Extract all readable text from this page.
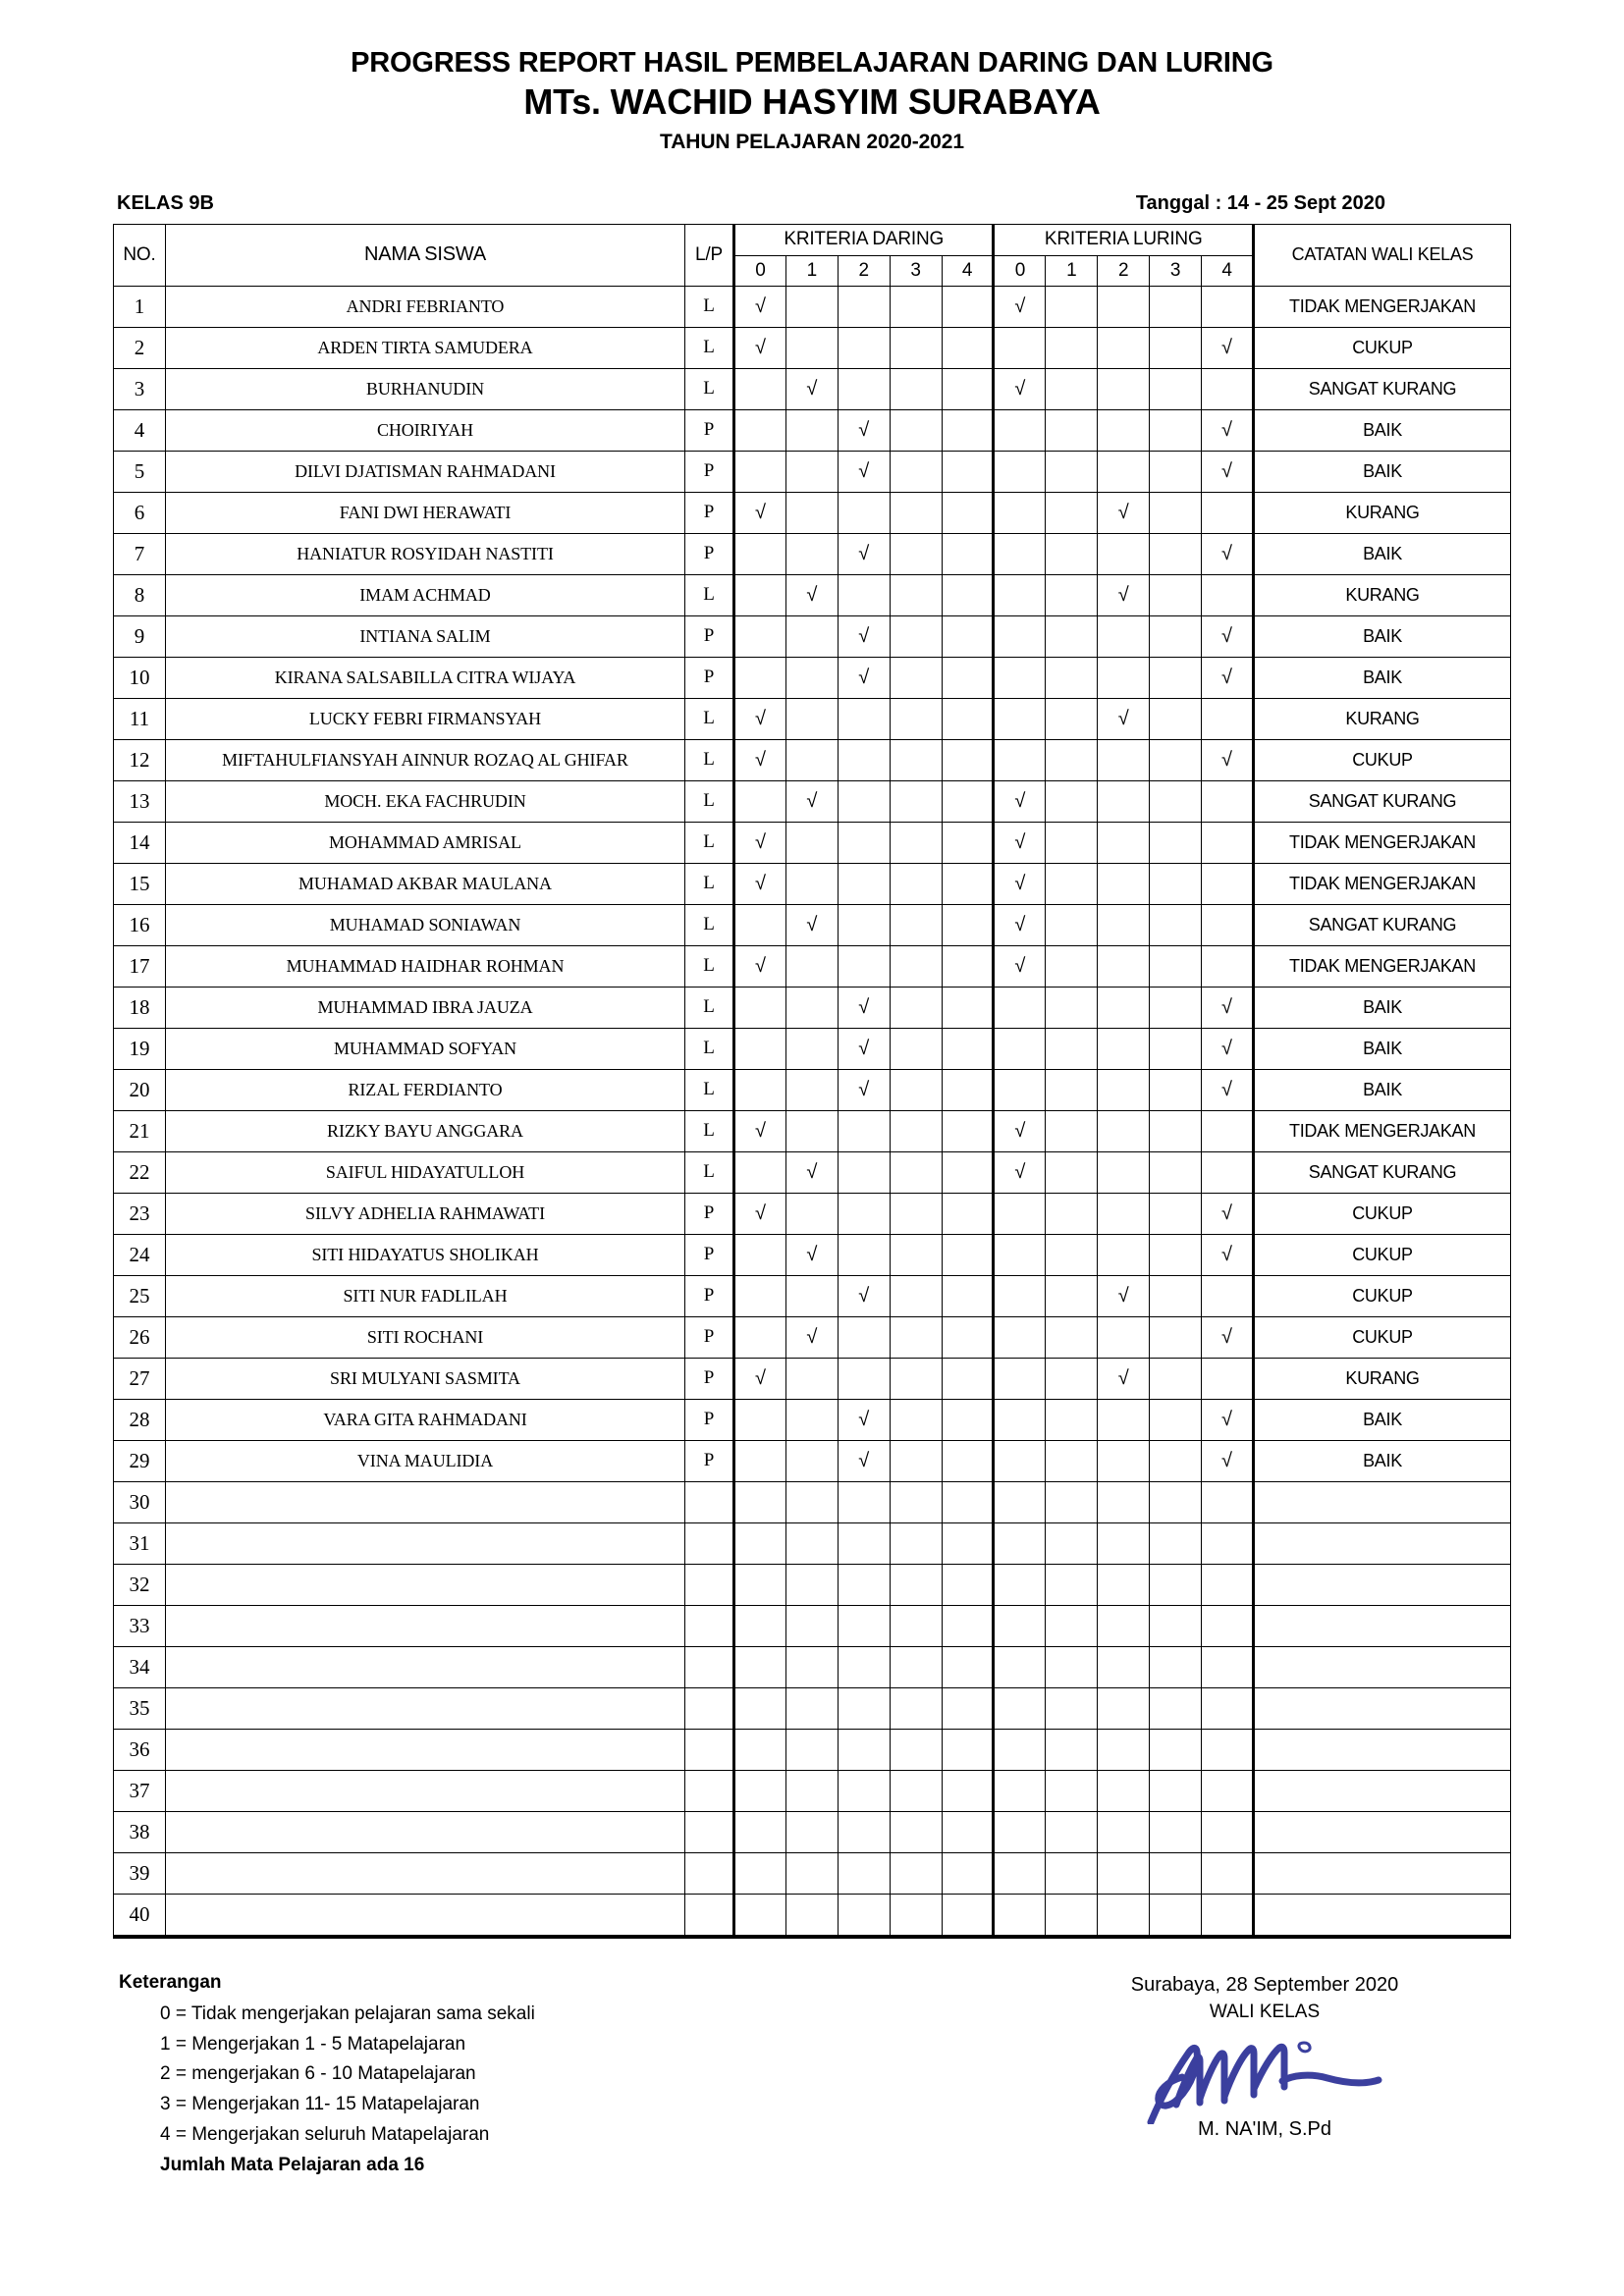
PROGRESS REPORT HASIL PEMBELAJARAN DARING DAN LURING
MTs. WACHID HASYIM SURABAYA
TAHUN PELAJARAN 2020-2021
KELAS 9B	Tanggal : 14 - 25 Sept 2020
NO.	NAMA SISWA	L/P	KRITERIA DARING					KRITERIA LURING					CATATAN WALI KELAS
			0	1	2	3	4	0	1	2	3	4	
1	ANDRI FEBRIANTO	L	√					√					TIDAK MENGERJAKAN
2	ARDEN TIRTA SAMUDERA	L	√									√	CUKUP
3	BURHANUDIN	L		√				√					SANGAT KURANG
4	CHOIRIYAH	P			√							√	BAIK
5	DILVI DJATISMAN RAHMADANI	P			√							√	BAIK
6	FANI DWI HERAWATI	P	√							√			KURANG
7	HANIATUR ROSYIDAH NASTITI	P			√							√	BAIK
8	IMAM ACHMAD	L		√						√			KURANG
9	INTIANA SALIM	P			√							√	BAIK
10	KIRANA SALSABILLA CITRA WIJAYA	P			√							√	BAIK
11	LUCKY FEBRI FIRMANSYAH	L	√							√			KURANG
12	MIFTAHULFIANSYAH AINNUR ROZAQ AL GHIFAR	L	√									√	CUKUP
13	MOCH. EKA FACHRUDIN	L		√				√					SANGAT KURANG
14	MOHAMMAD AMRISAL	L	√					√					TIDAK MENGERJAKAN
15	MUHAMAD AKBAR MAULANA	L	√					√					TIDAK MENGERJAKAN
16	MUHAMAD SONIAWAN	L		√				√					SANGAT KURANG
17	MUHAMMAD HAIDHAR ROHMAN	L	√					√					TIDAK MENGERJAKAN
18	MUHAMMAD IBRA JAUZA	L			√							√	BAIK
19	MUHAMMAD SOFYAN	L			√							√	BAIK
20	RIZAL FERDIANTO	L			√							√	BAIK
21	RIZKY BAYU ANGGARA	L	√					√					TIDAK MENGERJAKAN
22	SAIFUL HIDAYATULLOH	L		√				√					SANGAT KURANG
23	SILVY ADHELIA RAHMAWATI	P	√									√	CUKUP
24	SITI HIDAYATUS SHOLIKAH	P		√								√	CUKUP
25	SITI NUR FADLILAH	P			√					√			CUKUP
26	SITI ROCHANI	P		√								√	CUKUP
27	SRI MULYANI SASMITA	P	√							√			KURANG
28	VARA GITA RAHMADANI	P			√							√	BAIK
29	VINA MAULIDIA	P			√							√	BAIK
30													
31													
32													
33													
34													
35													
36													
37													
38													
39													
40													
Keterangan
0 = Tidak mengerjakan pelajaran sama sekali
1 = Mengerjakan 1 - 5 Matapelajaran
2 = mengerjakan 6 - 10 Matapelajaran
3 = Mengerjakan 11- 15 Matapelajaran
4 = Mengerjakan seluruh Matapelajaran
Jumlah Mata Pelajaran ada 16
Surabaya, 28 September 2020
WALI KELAS
M. NA'IM, S.Pd
